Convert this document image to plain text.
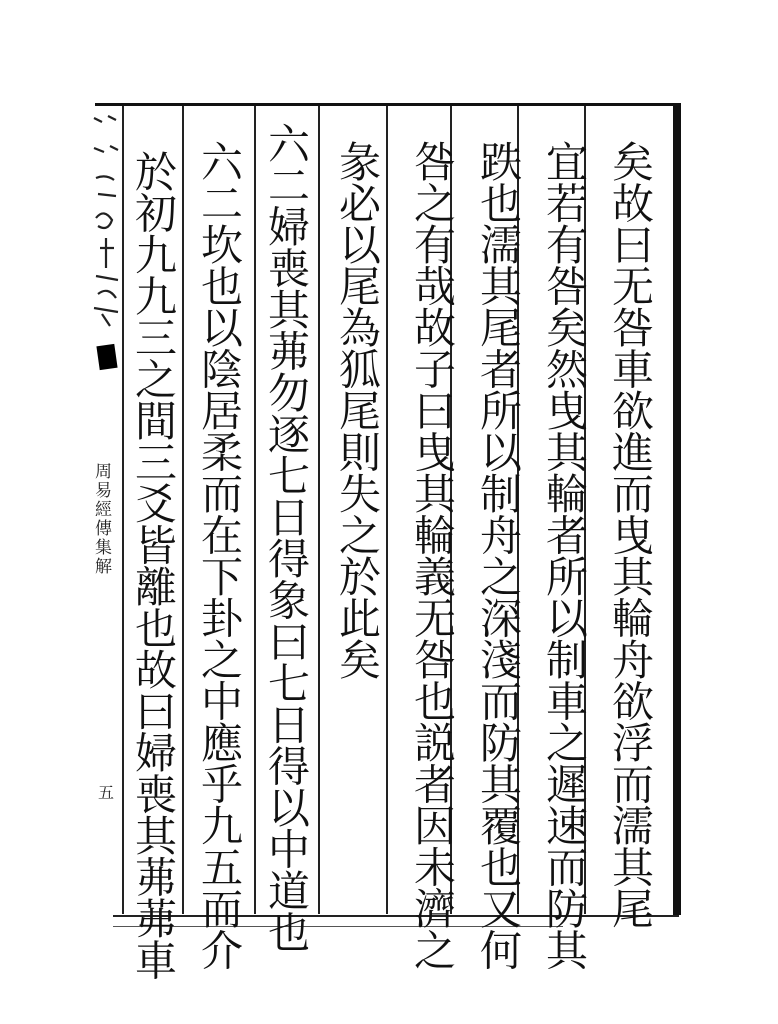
矣故曰无咎車欲進而曳其輪舟欲浮而濡其尾
宜若有咎矣然曳其輪者所以制車之遲速而防其
跌也濡其尾者所以制舟之深淺而防其覆也又何
咎之有哉故子曰曳其輪義无咎也説者因未濟之
彖必以尾為狐尾則失之於此矣
六二婦喪其茀勿逐七日得象曰七日得以中道也
六二坎也以陰居柔而在下卦之中應乎九五而介
於初九九三之間三爻皆離也故曰婦喪其茀茀車
周易經傳集解
五
